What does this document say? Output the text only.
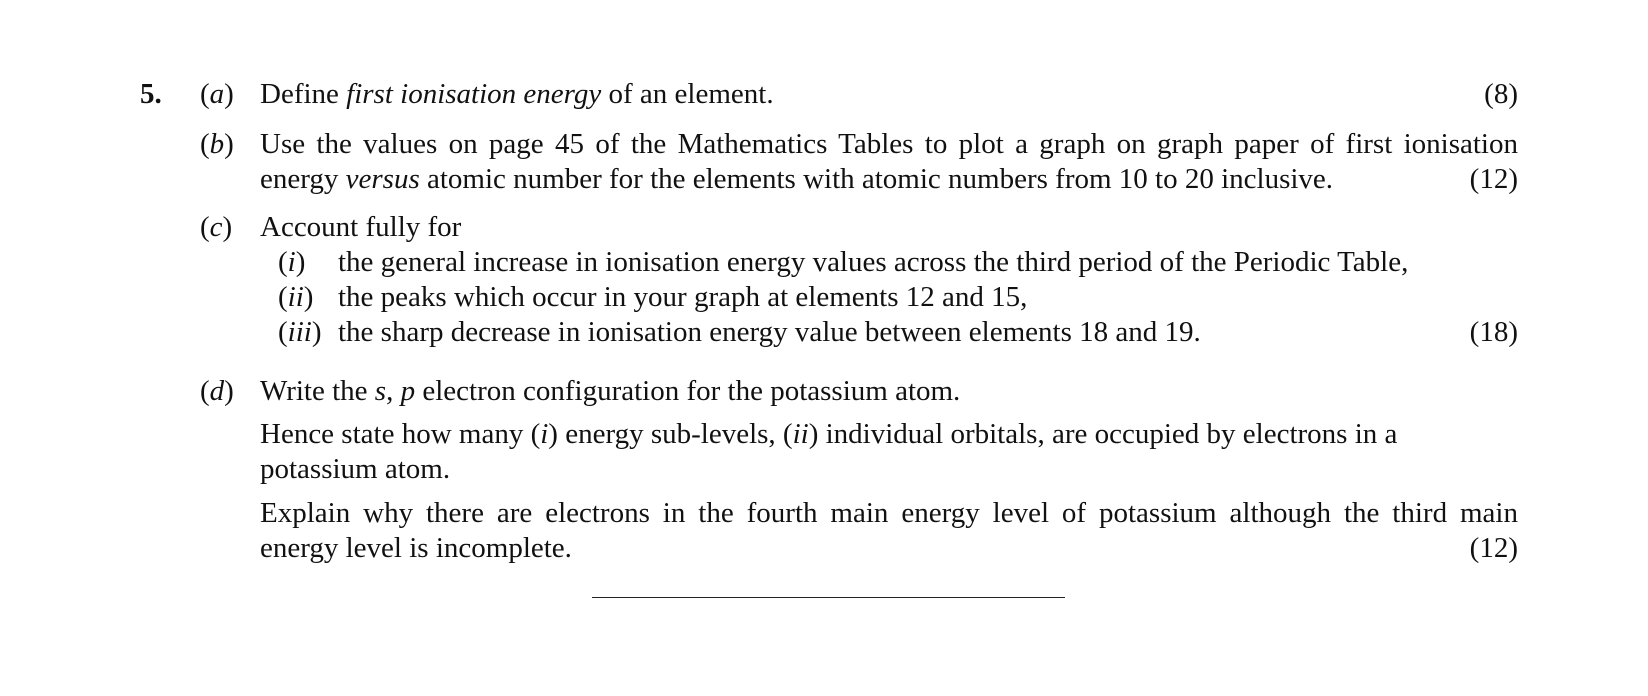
5. (a) Define first ionisation energy of an element.	(8)
(b) Use the values on page 45 of the Mathematics Tables to plot a graph on graph paper of first ionisation
energy versus atomic number for the elements with atomic numbers from 10 to 20 inclusive.	(12)
(c) Account fully for
(i) the general increase in ionisation energy values across the third period of the Periodic Table,
(ii) the peaks which occur in your graph at elements 12 and 15,
(iii) the sharp decrease in ionisation energy value between elements 18 and 19.	(18)
(d) Write the s, p electron configuration for the potassium atom.
Hence state how many (i) energy sub-levels, (ii) individual orbitals, are occupied by electrons in a
potassium atom.
Explain why there are electrons in the fourth main energy level of potassium although the third main
energy level is incomplete.	(12)
